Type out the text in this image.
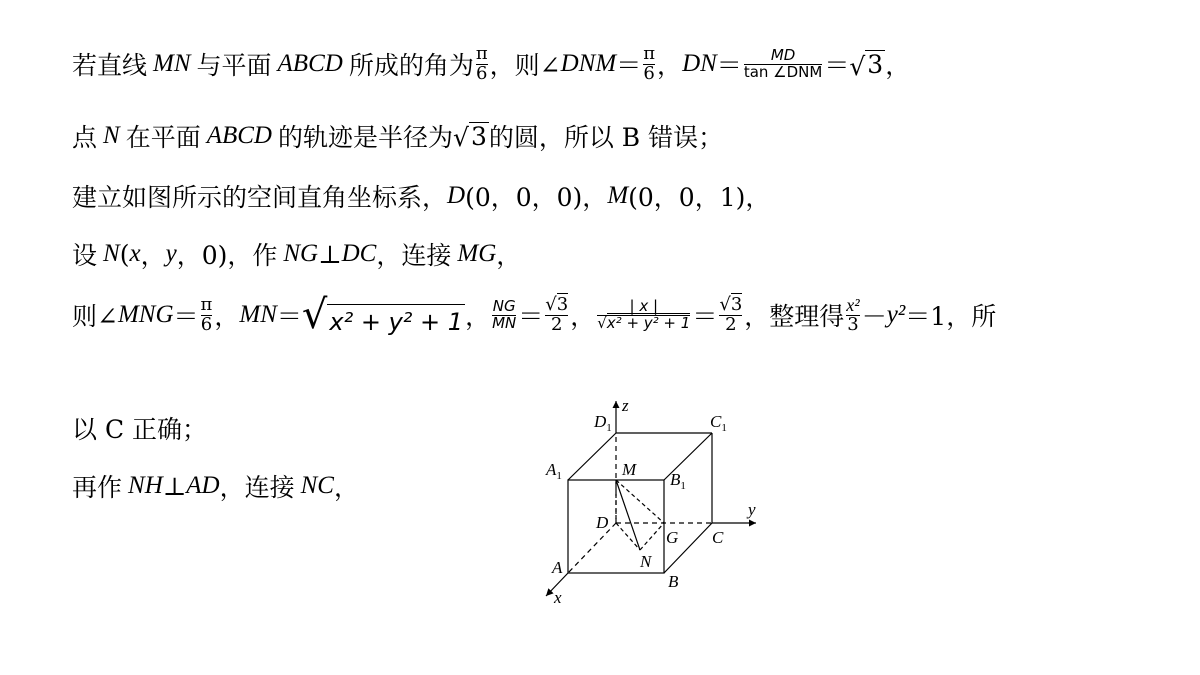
若直线 MN 与平面 ABCD 所成的角为 $\frac{\pi}{6}$ ，则∠ DNM ＝ $\frac{\pi}{6}$ ， DN ＝ $\frac{MD}{\text{tan ∠DNM}}$ ＝ √ 3 ，
点 N 在平面 ABCD 的轨迹是半径为 √ 3 的圆，所以 B 错误；
建立如图所示的空间直角坐标系， D (0，0，0)， M (0，0，1)，
设 N ( x ， y ，0)，作 NG ⊥ DC ，连接 MG ，
则∠ MNG ＝ $\frac{\pi}{6}$ ， MN ＝ √ x² + y² + 1 ， $\frac{NG}{MN} = \frac{√3}{2}$ ， $\frac{| x |}{\text{√x² + y² + 1}} = \frac{√3}{2}$ ，整理得 $\frac{\text{x²}}{3} - y^2 =1$，所
以 C 正确；
再作 NH ⊥ AD ，连接 NC ，
z
$D_1$	$C_1$
$A_1$	M
$B_1$
D
y
G C
N
A
B
x
